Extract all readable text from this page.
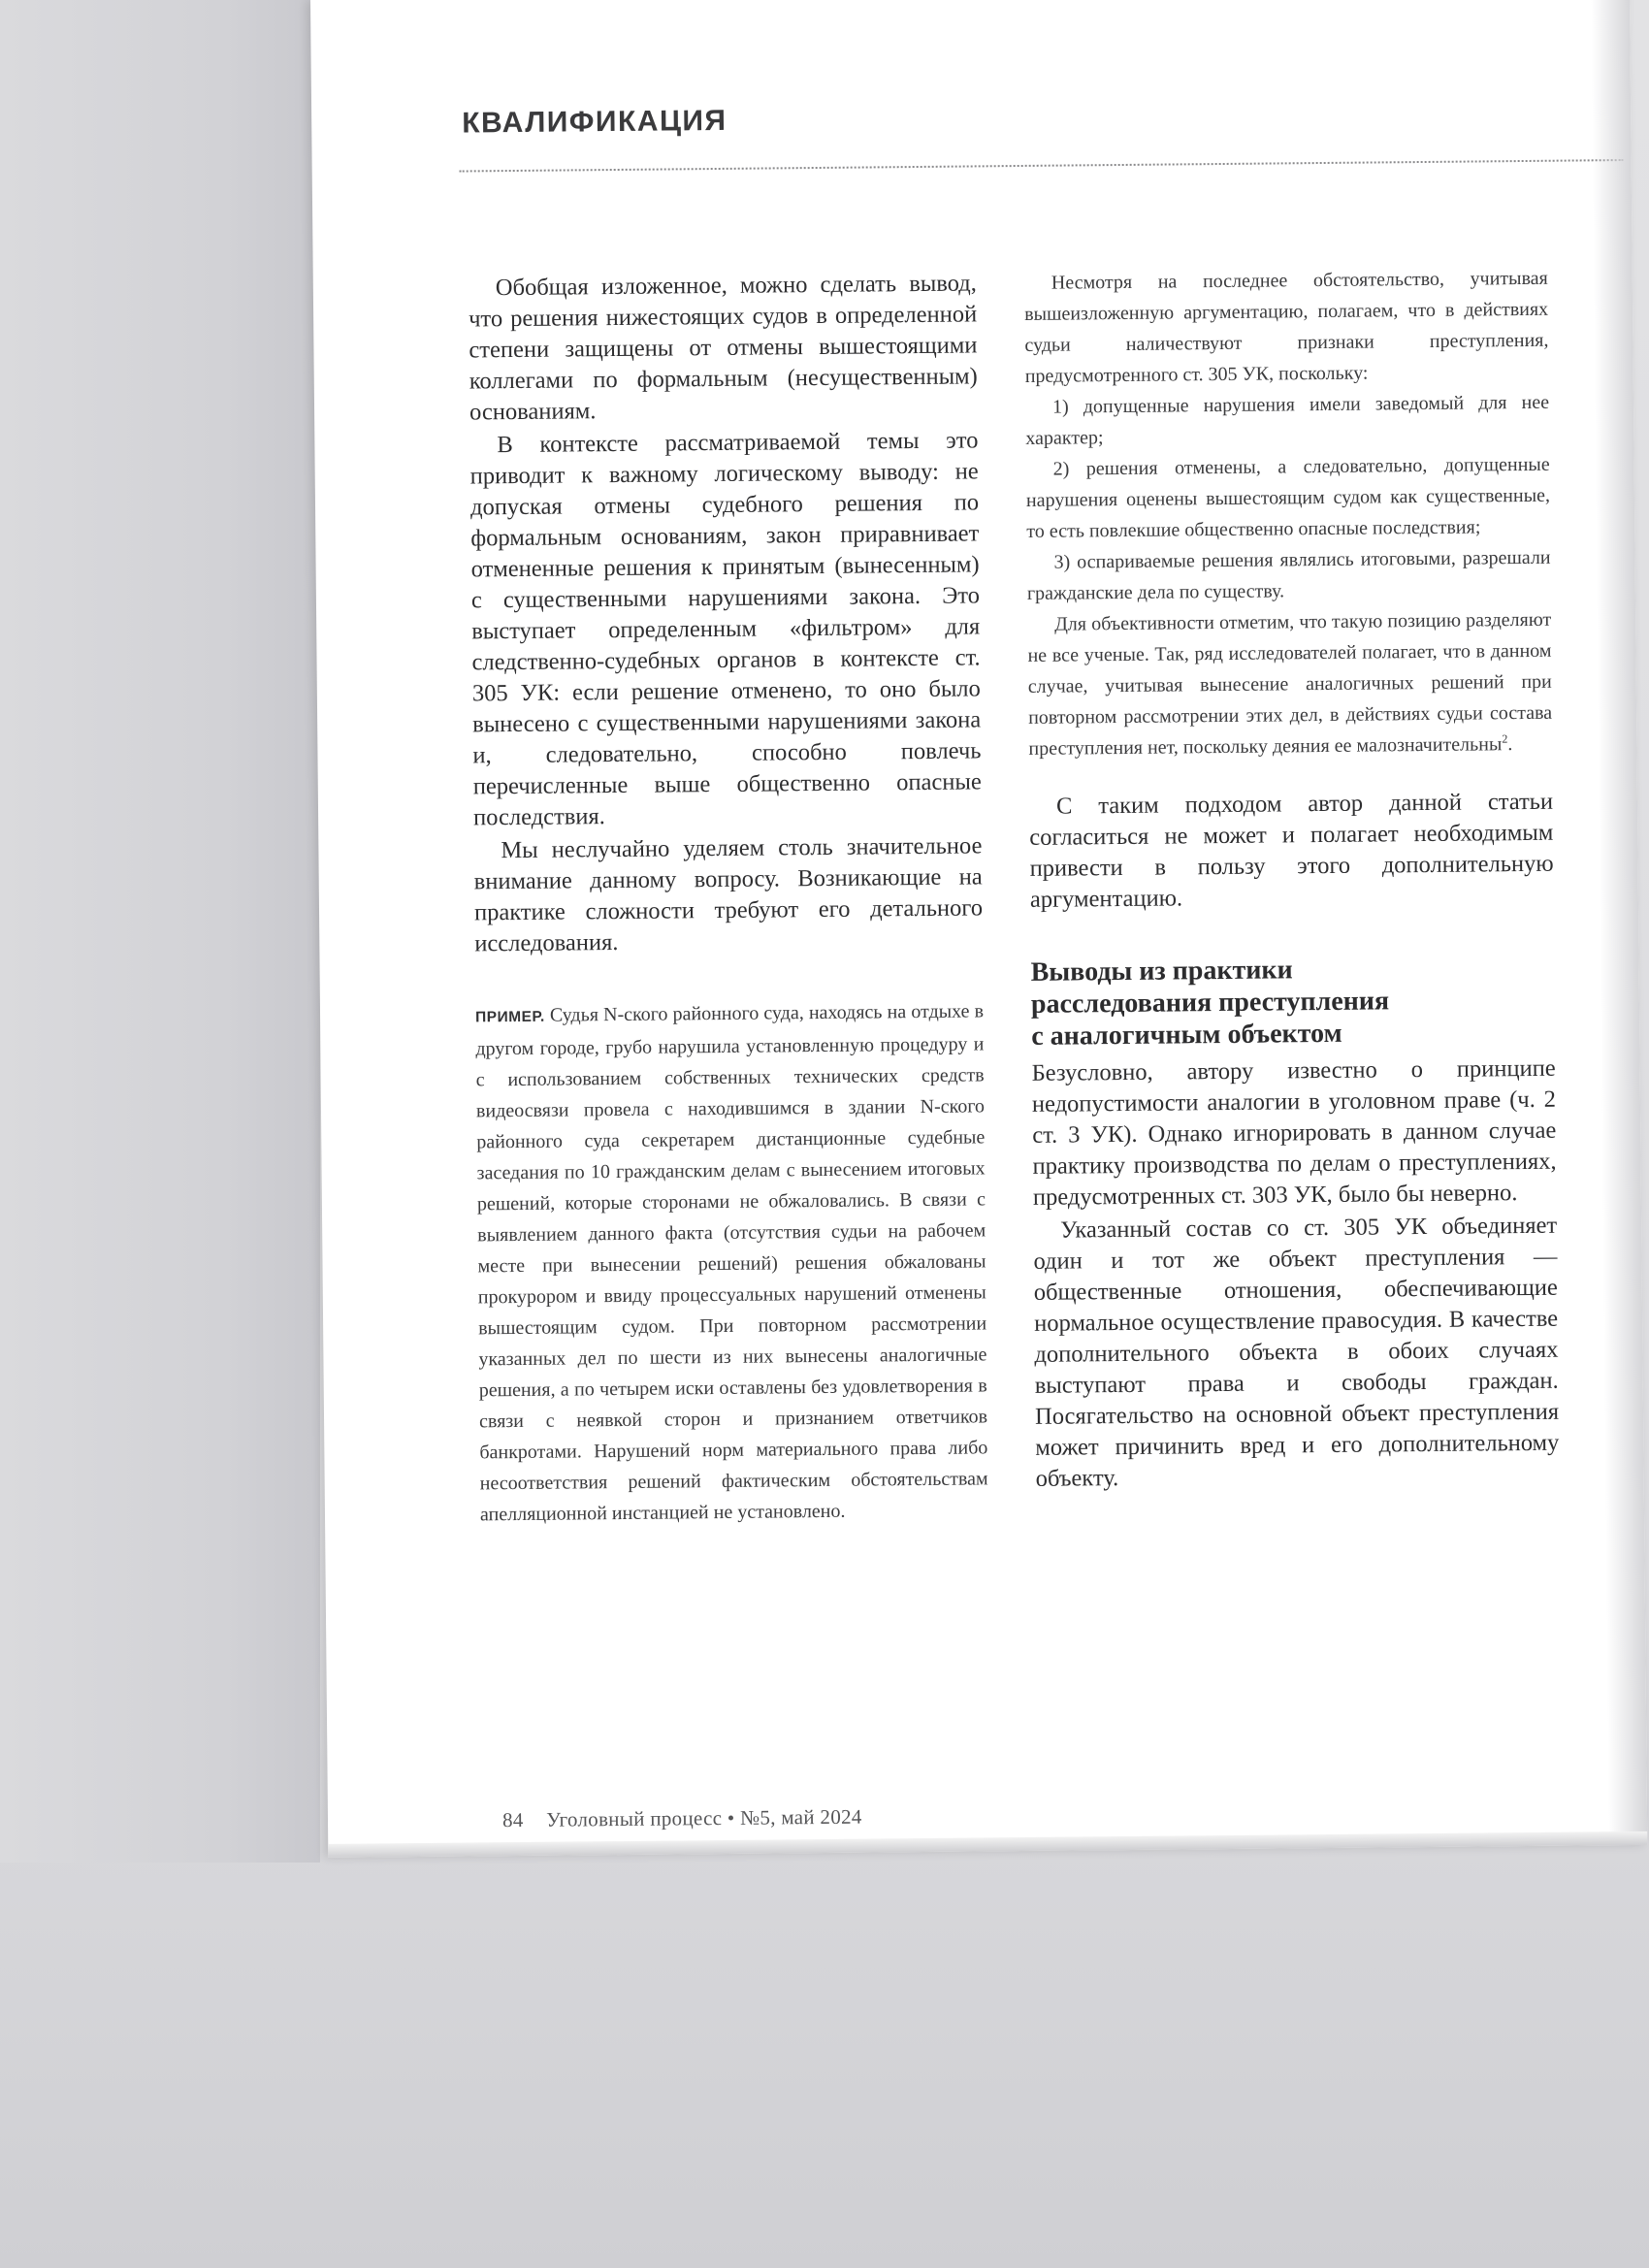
КВАЛИФИКАЦИЯ

Обобщая изложенное, можно сделать вывод, что решения нижестоящих судов в определенной степени защищены от отмены вышестоящими коллегами по формальным (несущественным) основаниям.

В контексте рассматриваемой темы это приводит к важному логическому выводу: не допуская отмены судебного решения по формальным основаниям, закон приравнивает отмененные решения к принятым (вынесенным) с существенными нарушениями закона. Это выступает определенным «фильтром» для следственно-судебных органов в контексте ст. 305 УК: если решение отменено, то оно было вынесено с существенными нарушениями закона и, следовательно, способно повлечь перечисленные выше общественно опасные последствия.

Мы неслучайно уделяем столь значительное внимание данному вопросу. Возникающие на практике сложности требуют его детального исследования.

ПРИМЕР. Судья N-ского районного суда, находясь на отдыхе в другом городе, грубо нарушила установленную процедуру и с использованием собственных технических средств видеосвязи провела с находившимся в здании N-ского районного суда секретарем дистанционные судебные заседания по 10 гражданским делам с вынесением итоговых решений, которые сторонами не обжаловались. В связи с выявлением данного факта (отсутствия судьи на рабочем месте при вынесении решений) решения обжалованы прокурором и ввиду процессуальных нарушений отменены вышестоящим судом. При повторном рассмотрении указанных дел по шести из них вынесены аналогичные решения, а по четырем иски оставлены без удовлетворения в связи с неявкой сторон и признанием ответчиков банкротами. Нарушений норм материального права либо несоответствия решений фактическим обстоятельствам апелляционной инстанцией не установлено.

Несмотря на последнее обстоятельство, учитывая вышеизложенную аргументацию, полагаем, что в действиях судьи наличествуют признаки преступления, предусмотренного ст. 305 УК, поскольку:

1) допущенные нарушения имели заведомый для нее характер;

2) решения отменены, а следовательно, допущенные нарушения оценены вышестоящим судом как существенные, то есть повлекшие общественно опасные последствия;

3) оспариваемые решения являлись итоговыми, разрешали гражданские дела по существу.

Для объективности отметим, что такую позицию разделяют не все ученые. Так, ряд исследователей полагает, что в данном случае, учитывая вынесение аналогичных решений при повторном рассмотрении этих дел, в действиях судьи состава преступления нет, поскольку деяния ее малозначительны$^2$.

С таким подходом автор данной статьи согласиться не может и полагает необходимым привести в пользу этого дополнительную аргументацию.

Выводы из практики

расследования преступления

с аналогичным объектом

Безусловно, автору известно о принципе недопустимости аналогии в уголовном праве (ч. 2 ст. 3 УК). Однако игнорировать в данном случае практику производства по делам о преступлениях, предусмотренных ст. 303 УК, было бы неверно.

Указанный состав со ст. 305 УК объединяет один и тот же объект преступления — общественные отношения, обеспечивающие нормальное осуществление правосудия. В качестве дополнительного объекта в обоих случаях выступают права и свободы граждан. Посягательство на основной объект преступления может причинить вред и его дополнительному объекту.

84 Уголовный процесс • №5, май 2024
